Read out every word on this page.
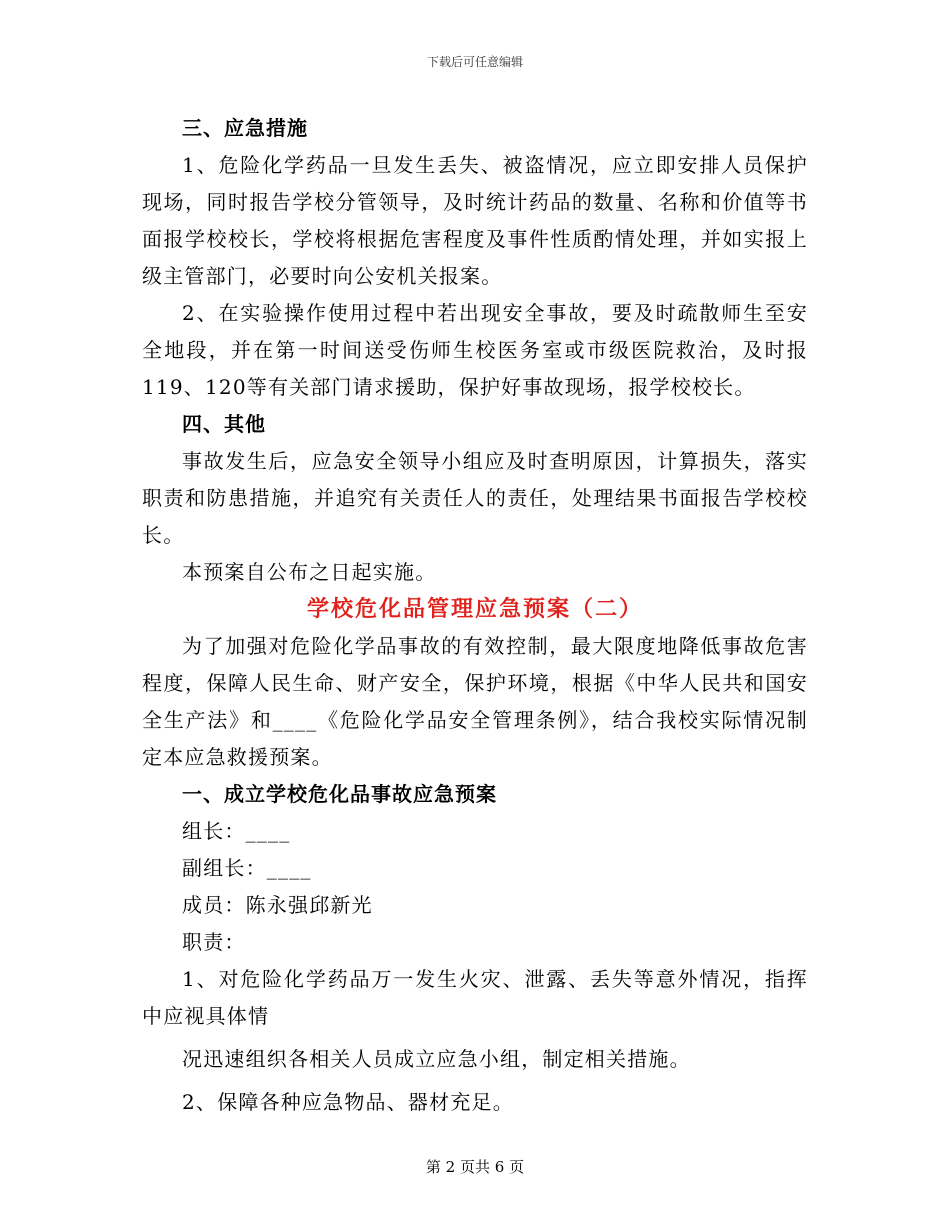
下载后可任意编辑

三、应急措施

1、危险化学药品一旦发生丢失、被盗情况，应立即安排人员保护现场，同时报告学校分管领导，及时统计药品的数量、名称和价值等书面报学校校长，学校将根据危害程度及事件性质酌情处理，并如实报上级主管部门，必要时向公安机关报案。

2、在实验操作使用过程中若出现安全事故，要及时疏散师生至安全地段，并在第一时间送受伤师生校医务室或市级医院救治，及时报119、120等有关部门请求援助，保护好事故现场，报学校校长。

四、其他

事故发生后，应急安全领导小组应及时查明原因，计算损失，落实职责和防患措施，并追究有关责任人的责任，处理结果书面报告学校校长。

本预案自公布之日起实施。

学校危化品管理应急预案（二）

为了加强对危险化学品事故的有效控制，最大限度地降低事故危害程度，保障人民生命、财产安全，保护环境，根据《中华人民共和国安全生产法》和____《危险化学品安全管理条例》，结合我校实际情况制定本应急救援预案。

一、成立学校危化品事故应急预案

组长：____

副组长：____

成员：陈永强邱新光

职责：

1、对危险化学药品万一发生火灾、泄露、丢失等意外情况，指挥中应视具体情

况迅速组织各相关人员成立应急小组，制定相关措施。

2、保障各种应急物品、器材充足。

第 2 页共 6 页
